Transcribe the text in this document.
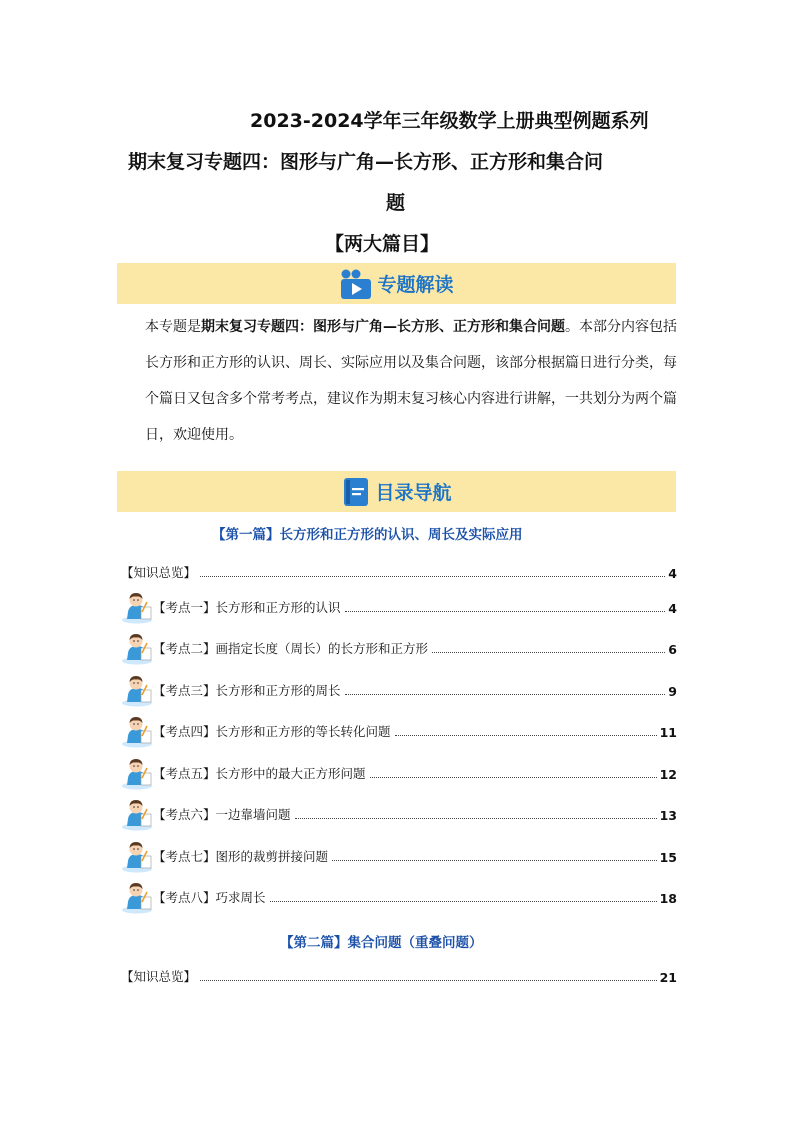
2023-2024学年三年级数学上册典型例题系列
期末复习专题四：图形与广角—长方形、正方形和集合问
题
【两大篇目】
专题解读
本专题是期末复习专题四：图形与广角—长方形、正方形和集合问题。本部分内容包括长方形和正方形的认识、周长、实际应用以及集合问题，该部分根据篇日进行分类，每个篇日又包含多个常考考点，建议作为期末复习核心内容进行讲解，一共划分为两个篇日，欢迎使用。
目录导航
【第一篇】长方形和正方形的认识、周长及实际应用
【知识总览】	4
【考点一】长方形和正方形的认识	4
【考点二】画指定长度（周长）的长方形和正方形	6
【考点三】长方形和正方形的周长	9
【考点四】长方形和正方形的等长转化问题	11
【考点五】长方形中的最大正方形问题	12
【考点六】一边靠墙问题	13
【考点七】图形的裁剪拼接问题	15
【考点八】巧求周长	18
【第二篇】集合问题（重叠问题）
【知识总览】	21
